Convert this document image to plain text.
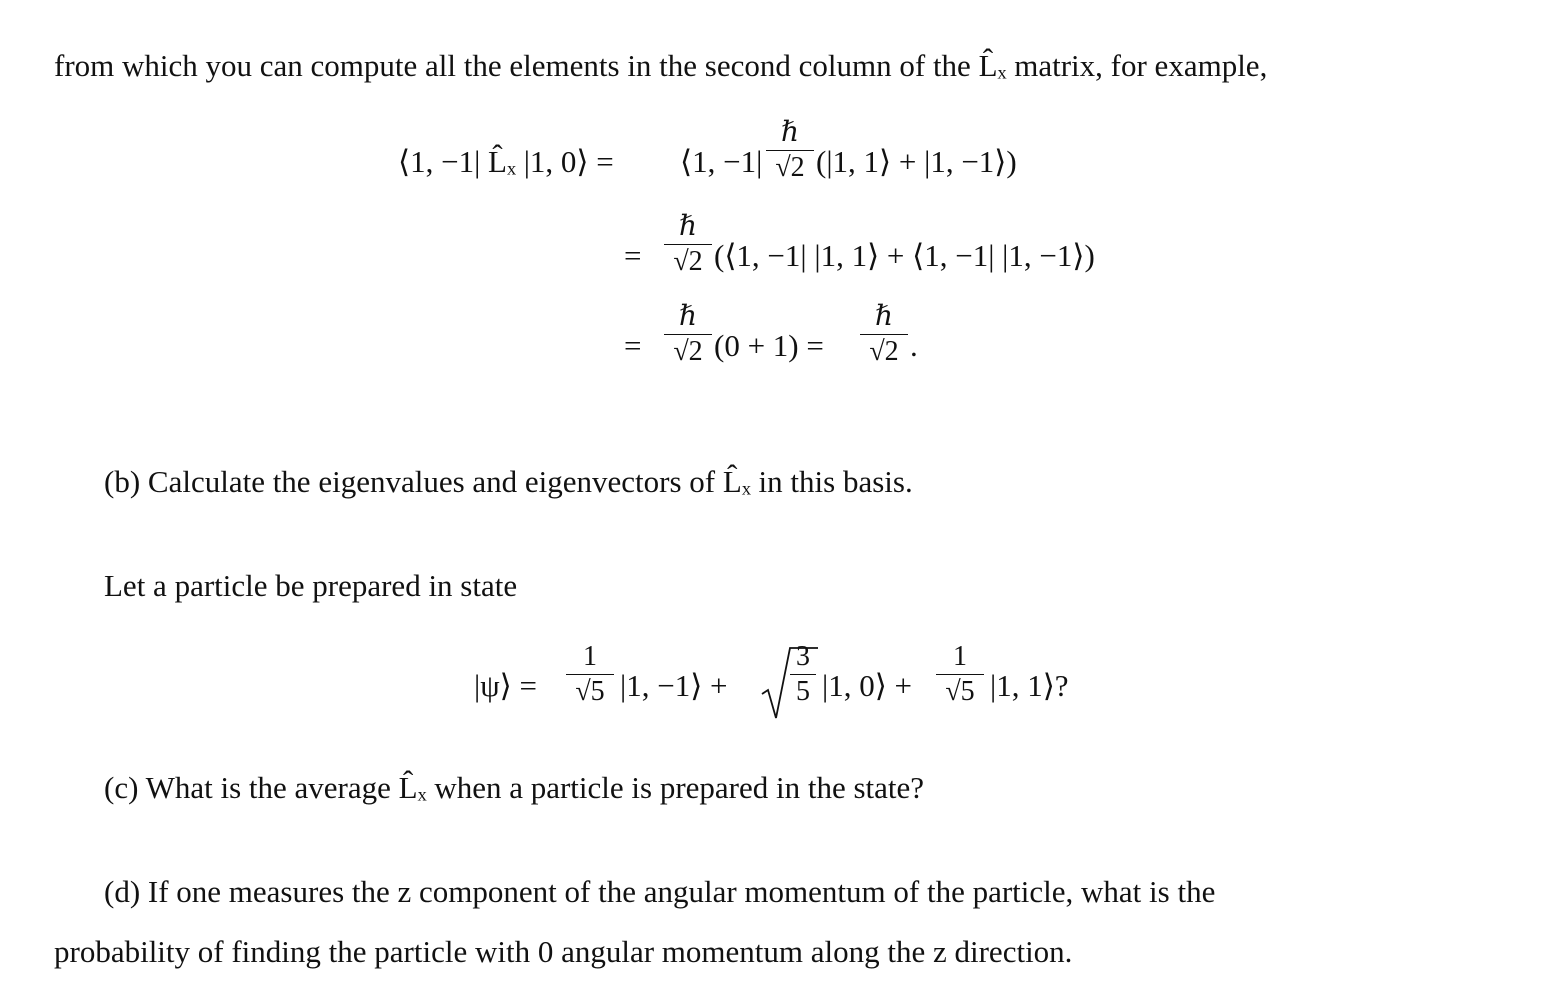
from which you can compute all the elements in the second column of the L̂ₓ matrix, for example,
⟨1, −1| L̂ₓ |1, 0⟩ = ⟨1, −1|
ℏ
√2 (|1, 1⟩ + |1, −1⟩)
=
ℏ
√2 (⟨1, −1| |1, 1⟩ + ⟨1, −1| |1, −1⟩)
=
ℏ
√2 (0 + 1) =
ℏ
√2 .
(b) Calculate the eigenvalues and eigenvectors of L̂ₓ in this basis.
Let a particle be prepared in state
|ψ⟩ =
1
√5 |1, −1⟩ +
3
5 |1, 0⟩ +
1
√5 |1, 1⟩?
(c) What is the average L̂ₓ when a particle is prepared in the state?
(d) If one measures the z component of the angular momentum of the particle, what is the
probability of finding the particle with 0 angular momentum along the z direction.
